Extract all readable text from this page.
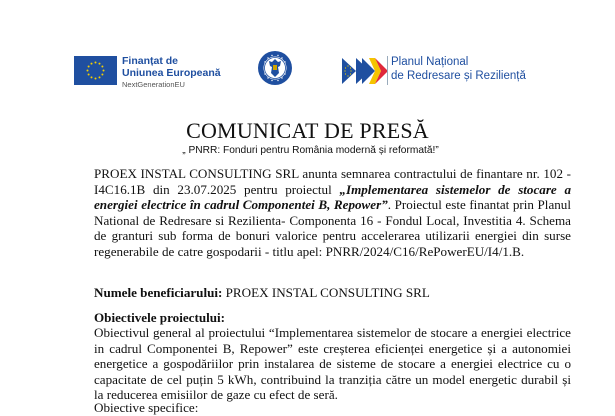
Finanțat de
Uniunea Europeană
NextGenerationEU
Planul Național
de Redresare și Reziliență
COMUNICAT DE PRESĂ
„ PNRR: Fonduri pentru România modernă și reformată!”
PROEX INSTAL CONSULTING SRL anunta semnarea contractului de finantare nr. 102 - I4C16.1B din 23.07.2025 pentru proiectul „Implementarea sistemelor de stocare a energiei electrice în cadrul Componentei B, Repower”. Proiectul este finantat prin Planul National de Redresare si Rezilienta- Componenta 16 - Fondul Local, Investitia 4. Schema de granturi sub forma de bonuri valorice pentru accelerarea utilizarii energiei din surse regenerabile de catre gospodarii - titlu apel: PNRR/2024/C16/RePowerEU/I4/1.B.
Numele beneficiarului: PROEX INSTAL CONSULTING SRL
Obiectivele proiectului:
Obiectivul general al proiectului “Implementarea sistemelor de stocare a energiei electrice in cadrul Componentei B, Repower” este creșterea eficienței energetice și a autonomiei energetice a gospodăriilor prin instalarea de sisteme de stocare a energiei electrice cu o capacitate de cel puțin 5 kWh, contribuind la tranziția către un model energetic durabil și la reducerea emisiilor de gaze cu efect de seră.
Obiective specifice:
